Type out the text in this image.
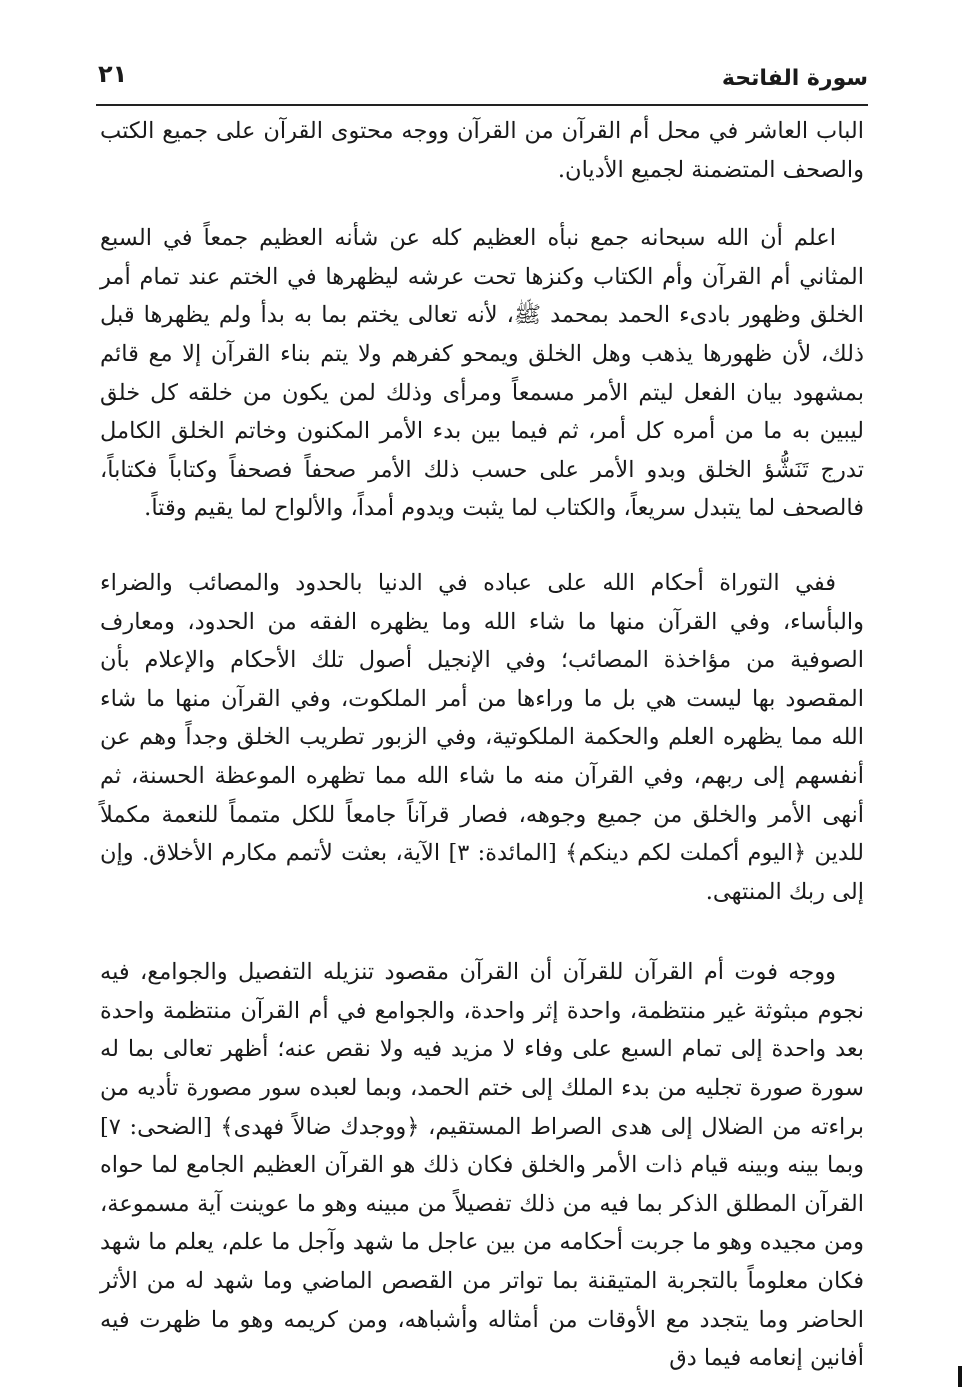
سورة الفاتحة
٢١

الباب العاشر في محل أم القرآن من القرآن ووجه محتوى القرآن على جميع الكتب والصحف المتضمنة لجميع الأديان.

اعلم أن الله سبحانه جمع نبأه العظيم كله عن شأنه العظيم جمعاً في السبع المثاني أم القرآن وأم الكتاب وكنزها تحت عرشه ليظهرها في الختم عند تمام أمر الخلق وظهور بادىء الحمد بمحمد ﷺ، لأنه تعالى يختم بما به بدأ ولم يظهرها قبل ذلك، لأن ظهورها يذهب وهل الخلق ويمحو كفرهم ولا يتم بناء القرآن إلا مع قائم بمشهود بيان الفعل ليتم الأمر مسمعاً ومرأى وذلك لمن يكون من خلقه كل خلق ليبين به ما من أمره كل أمر، ثم فيما بين بدء الأمر المكنون وخاتم الخلق الكامل تدرج تَنَشُّؤ الخلق وبدو الأمر على حسب ذلك الأمر صحفاً فصحفاً وكتاباً فكتاباً، فالصحف لما يتبدل سريعاً، والكتاب لما يثبت ويدوم أمداً، والألواح لما يقيم وقتاً.

ففي التوراة أحكام الله على عباده في الدنيا بالحدود والمصائب والضراء والبأساء، وفي القرآن منها ما شاء الله وما يظهره الفقه من الحدود، ومعارف الصوفية من مؤاخذة المصائب؛ وفي الإنجيل أصول تلك الأحكام والإعلام بأن المقصود بها ليست هي بل ما وراءها من أمر الملكوت، وفي القرآن منها ما شاء الله مما يظهره العلم والحكمة الملكوتية، وفي الزبور تطريب الخلق وجداً وهم عن أنفسهم إلى ربهم، وفي القرآن منه ما شاء الله مما تظهره الموعظة الحسنة، ثم أنهى الأمر والخلق من جميع وجوهه، فصار قرآناً جامعاً للكل متمماً للنعمة مكملاً للدين ﴿اليوم أكملت لكم دينكم﴾ [المائدة: ٣] الآية، بعثت لأتمم مكارم الأخلاق. وإن إلى ربك المنتهى.

ووجه فوت أم القرآن للقرآن أن القرآن مقصود تنزيله التفصيل والجوامع، فيه نجوم مبثوثة غير منتظمة، واحدة إثر واحدة، والجوامع في أم القرآن منتظمة واحدة بعد واحدة إلى تمام السبع على وفاء لا مزيد فيه ولا نقص عنه؛ أظهر تعالى بما له سورة صورة تجليه من بدء الملك إلى ختم الحمد، وبما لعبده سور مصورة تأديه من براءته من الضلال إلى هدى الصراط المستقيم، ﴿ووجدك ضالاً فهدى﴾ [الضحى: ٧] وبما بينه وبينه قيام ذات الأمر والخلق فكان ذلك هو القرآن العظيم الجامع لما حواه القرآن المطلق الذكر بما فيه من ذلك تفصيلاً من مبينه وهو ما عوينت آية مسموعة، ومن مجيده وهو ما جربت أحكامه من بين عاجل ما شهد وآجل ما علم، يعلم ما شهد فكان معلوماً بالتجربة المتيقنة بما تواتر من القصص الماضي وما شهد له من الأثر الحاضر وما يتجدد مع الأوقات من أمثاله وأشباهه، ومن كريمه وهو ما ظهرت فيه أفانين إنعامه فيما دق
